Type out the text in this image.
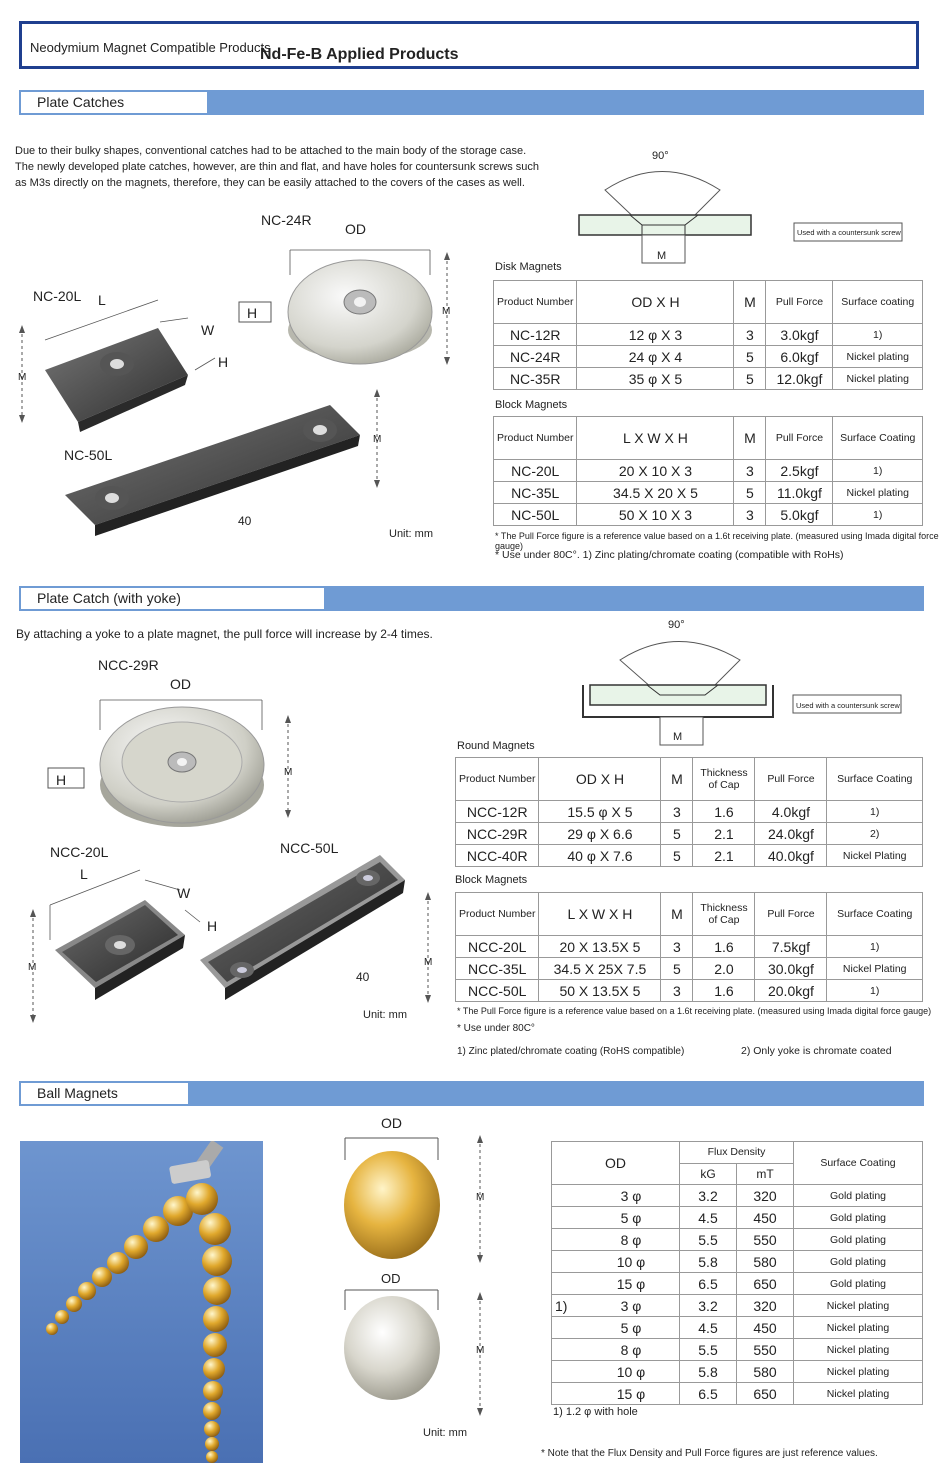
Neodymium Magnet Compatible Products
Nd-Fe-B Applied Products
Plate Catches
Due to their bulky shapes, conventional catches had to be attached to the main body of the storage case.
The newly developed plate catches, however, are thin and flat, and have holes for countersunk screws such
as M3s directly on the magnets, therefore, they can be easily attached to the covers of the cases as well.
90°
M
Used with a countersunk screw
NC-24R
OD
NC-20L L
W
H
H	M
M
M
NC-50L
40
Unit: mm
Disk Magnets
Product Number	OD X H	M	Pull Force	Surface coating
NC-12R	12 φ X 3	3	3.0kgf	1)
NC-24R	24 φ X 4	5	6.0kgf	Nickel plating
NC-35R	35 φ X 5	5	12.0kgf	Nickel plating
Block Magnets
Product Number	L X W X H	M	Pull Force	Surface Coating
NC-20L	20 X 10 X 3	3	2.5kgf	1)
NC-35L	34.5 X 20 X 5	5	11.0kgf	Nickel plating
NC-50L	50 X 10 X 3	3	5.0kgf	1)
* The Pull Force figure is a reference value based on a 1.6t receiving plate. (measured using Imada digital force gauge)
* Use under 80C°. 1) Zinc plating/chromate coating (compatible with RoHs)
Plate Catch (with yoke)
By attaching a yoke to a plate magnet, the pull force will increase by 2-4 times.
90°
M
Used with a countersunk screw
NCC-29R
OD
H	M
NCC-20L	NCC-50L
L
W
H
M	M
40
Unit: mm
Round Magnets
Product Number	OD X H	M	Thickness of Cap	Pull Force	Surface Coating
NCC-12R	15.5 φ X 5	3	1.6	4.0kgf	1)
NCC-29R	29 φ X 6.6	5	2.1	24.0kgf	2)
NCC-40R	40 φ X 7.6	5	2.1	40.0kgf	Nickel Plating
Block Magnets
Product Number	L X W X H	M	Thickness of Cap	Pull Force	Surface Coating
NCC-20L	20 X 13.5X 5	3	1.6	7.5kgf	1)
NCC-35L	34.5 X 25X 7.5	5	2.0	30.0kgf	Nickel Plating
NCC-50L	50 X 13.5X 5	3	1.6	20.0kgf	1)
* The Pull Force figure is a reference value based on a 1.6t receiving plate. (measured using Imada digital force gauge)
* Use under 80C°
1) Zinc plated/chromate coating (RoHS compatible)	2) Only yoke is chromate coated
Ball Magnets
OD
OD
M
M
Unit: mm
OD		Flux Density		Surface Coating
		kG	mT	
	3 φ	3.2	320	Gold plating
	5 φ	4.5	450	Gold plating
	8 φ	5.5	550	Gold plating
	10 φ	5.8	580	Gold plating
	15 φ	6.5	650	Gold plating
1)	3 φ	3.2	320	Nickel plating
	5 φ	4.5	450	Nickel plating
	8 φ	5.5	550	Nickel plating
	10 φ	5.8	580	Nickel plating
	15 φ	6.5	650	Nickel plating
1) 1.2 φ with hole
* Note that the Flux Density and Pull Force figures are just reference values.
